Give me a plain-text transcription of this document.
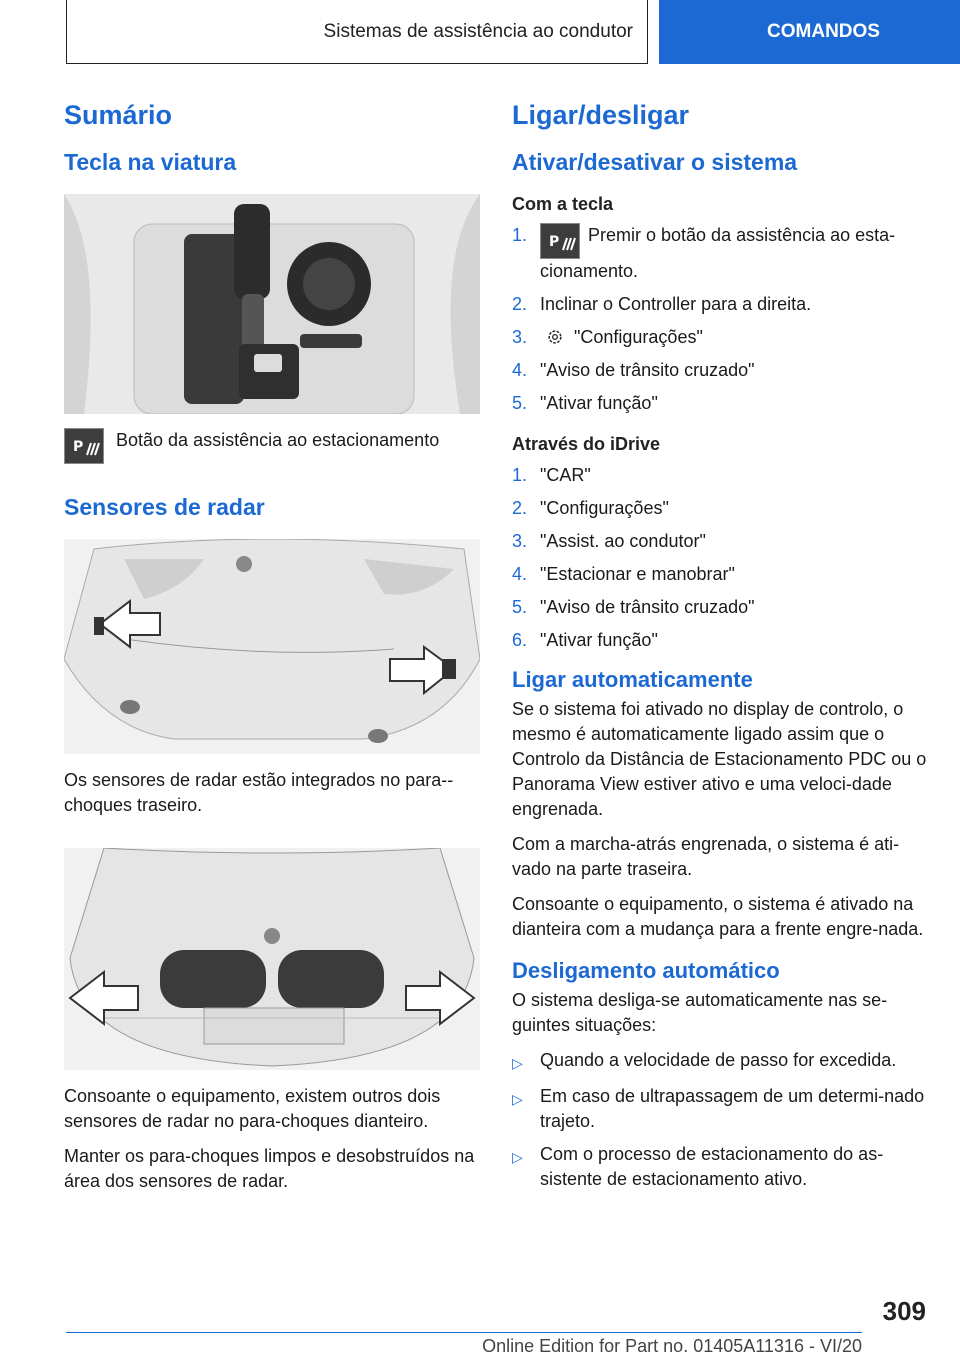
Sistemas de assistência ao condutor	COMANDOS
Sumário
Tecla na viatura
P Botão da assistência ao estacionamento
Sensores de radar

Os sensores de radar estão integrados no para--choques traseiro.

Consoante o equipamento, existem outros dois sensores de radar no para-choques dianteiro.

Manter os para-choques limpos e desobstruídos na área dos sensores de radar.

Ligar/desligar
Ativar/desativar o sistema
Com a tecla
1.	P Premir o botão da assistência ao esta-cionamento.
2. Inclinar o Controller para a direita.
3.	"Configurações"
4. "Aviso de trânsito cruzado"
5. "Ativar função"
Através do iDrive
1. "CAR"
2. "Configurações"
3. "Assist. ao condutor"
4. "Estacionar e manobrar"
5. "Aviso de trânsito cruzado"
6. "Ativar função"
Ligar automaticamente

Se o sistema foi ativado no display de controlo, o mesmo é automaticamente ligado assim que o Controlo da Distância de Estacionamento PDC ou o Panorama View estiver ativo e uma veloci-dade engrenada.

Com a marcha-atrás engrenada, o sistema é ati-vado na parte traseira.

Consoante o equipamento, o sistema é ativado na dianteira com a mudança para a frente engre-nada.

Desligamento automático

O sistema desliga-se automaticamente nas se-guintes situações:

▷ Quando a velocidade de passo for excedida.
▷ Em caso de ultrapassagem de um determi-nado trajeto.
▷ Com o processo de estacionamento do as-sistente de estacionamento ativo.
309
Online Edition for Part no. 01405A11316 - VI/20
